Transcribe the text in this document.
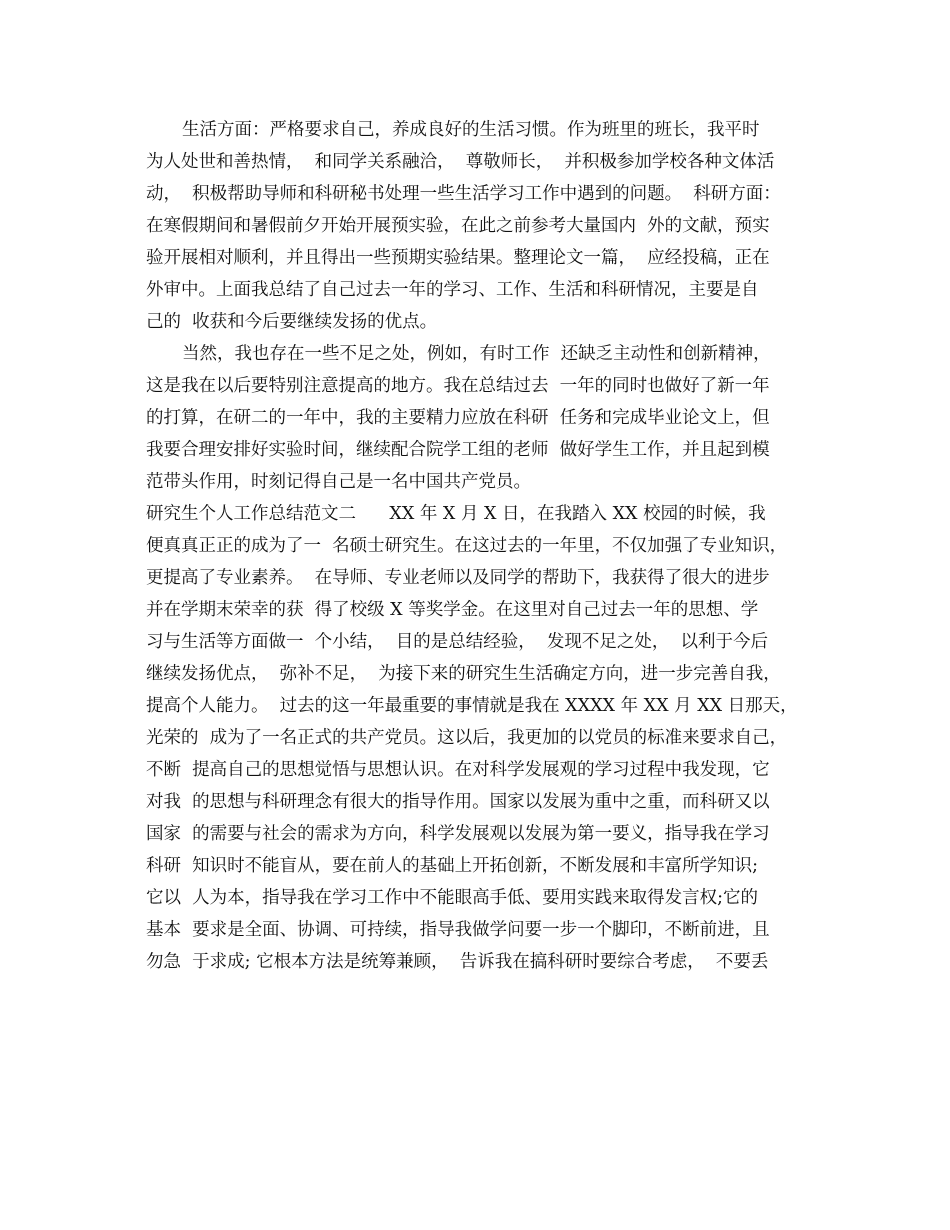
生活方面：严格要求自己，养成良好的生活习惯。作为班里的班长，我平时
为人处世和善热情，  和同学关系融洽，  尊敬师长，  并积极参加学校各种文体活
动，  积极帮助导师和科研秘书处理一些生活学习工作中遇到的问题。  科研方面：
在寒假期间和暑假前夕开始开展预实验，在此之前参考大量国内  外的文献，预实
验开展相对顺利，并且得出一些预期实验结果。整理论文一篇，  应经投稿，正在
外审中。上面我总结了自己过去一年的学习、工作、生活和科研情况，主要是自
己的  收获和今后要继续发扬的优点。
当然，我也存在一些不足之处，例如，有时工作  还缺乏主动性和创新精神，
这是我在以后要特别注意提高的地方。我在总结过去  一年的同时也做好了新一年
的打算，在研二的一年中，我的主要精力应放在科研  任务和完成毕业论文上，但
我要合理安排好实验时间，继续配合院学工组的老师  做好学生工作，并且起到模
范带头作用，时刻记得自己是一名中国共产党员。
研究生个人工作总结范文二      XX 年 X 月 X 日，在我踏入 XX 校园的时候，我
便真真正正的成为了一  名硕士研究生。在这过去的一年里，不仅加强了专业知识，
更提高了专业素养。  在导师、专业老师以及同学的帮助下，我获得了很大的进步
并在学期末荣幸的获  得了校级 X 等奖学金。在这里对自己过去一年的思想、学
习与生活等方面做一  个小结，  目的是总结经验，  发现不足之处，  以利于今后
继续发扬优点，  弥补不足，  为接下来的研究生生活确定方向，进一步完善自我，
提高个人能力。  过去的这一年最重要的事情就是我在 XXXX 年 XX 月 XX 日那天，
光荣的  成为了一名正式的共产党员。这以后，我更加的以党员的标准来要求自己，
不断  提高自己的思想觉悟与思想认识。在对科学发展观的学习过程中我发现，它
对我  的思想与科研理念有很大的指导作用。国家以发展为重中之重，而科研又以
国家  的需要与社会的需求为方向，科学发展观以发展为第一要义，指导我在学习
科研  知识时不能盲从，要在前人的基础上开拓创新，不断发展和丰富所学知识;
它以  人为本，指导我在学习工作中不能眼高手低、要用实践来取得发言权;它的
基本  要求是全面、协调、可持续，指导我做学问要一步一个脚印，不断前进，且
勿急  于求成; 它根本方法是统筹兼顾，  告诉我在搞科研时要综合考虑，  不要丢
